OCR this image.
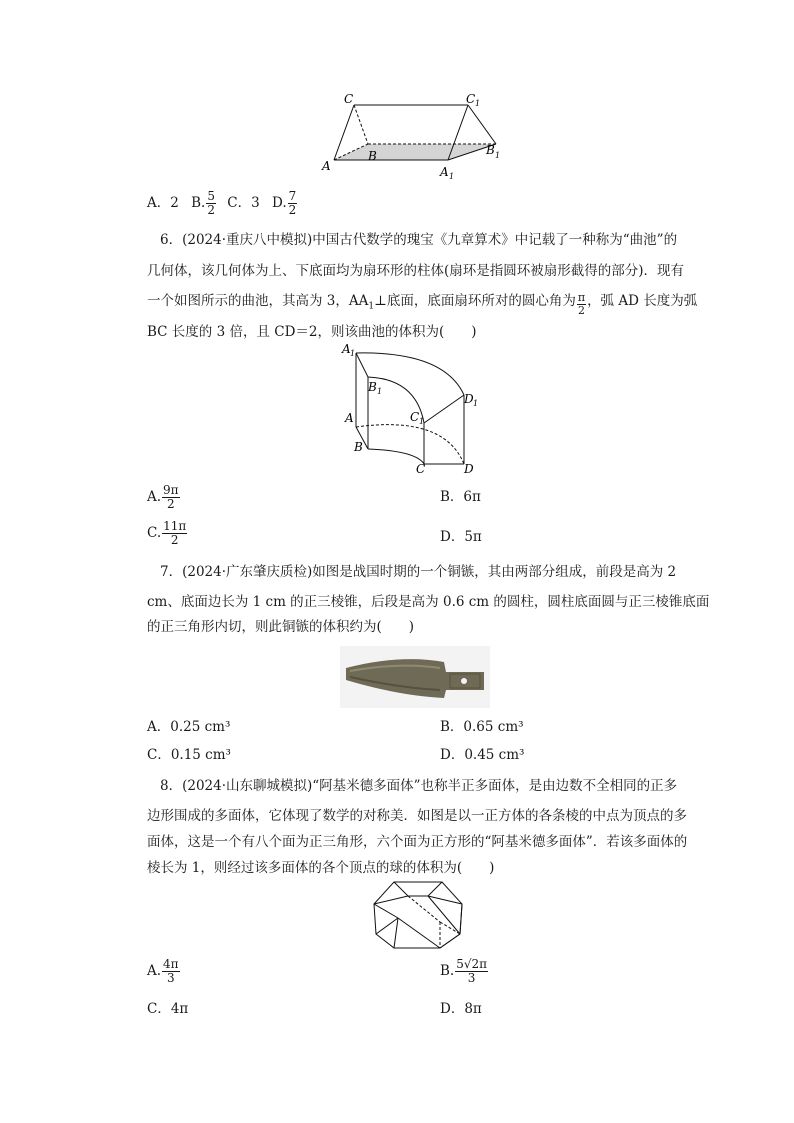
C	C 1
A
B	B 1
A 1
A．2 B. $\frac{5}{2}$ C．3 D. $\frac{7}{2}$
6．(2024·重庆八中模拟)中国古代数学的瑰宝《九章算术》中记载了一种称为“曲池”的
几何体，该几何体为上、下底面均为扇环形的柱体(扇环是指圆环被扇形截得的部分)．现有
一个如图所示的曲池，其高为 3，$AA_1\perp$底面，底面扇环所对的圆心角为 $\frac{\pi}{2}$ ，弧 AD 长度为弧
BC 长度的 3 倍，且 CD＝2，则该曲池的体积为(　　)
A 1
B 1
C 1
D 1
A
B
C	D
A. $\frac{9\pi}{2}$	B．6π
C. $\frac{11\pi}{2}$	D．5π
7．(2024·广东肇庆质检)如图是战国时期的一个铜镞，其由两部分组成，前段是高为 2
cm、底面边长为 1 cm 的正三棱锥，后段是高为 0.6 cm 的圆柱，圆柱底面圆与正三棱锥底面
的正三角形内切，则此铜镞的体积约为(　　)
A．0.25 cm³	B．0.65 cm³
C．0.15 cm³	D．0.45 cm³
8．(2024·山东聊城模拟)“阿基米德多面体”也称半正多面体，是由边数不全相同的正多
边形围成的多面体，它体现了数学的对称美．如图是以一正方体的各条棱的中点为顶点的多
面体，这是一个有八个面为正三角形，六个面为正方形的“阿基米德多面体”．若该多面体的
棱长为 1，则经过该多面体的各个顶点的球的体积为(　　)
A. $\frac{4\pi}{3}$	B. $\frac{5√2\pi}{3}$
C．4π	D．8π
